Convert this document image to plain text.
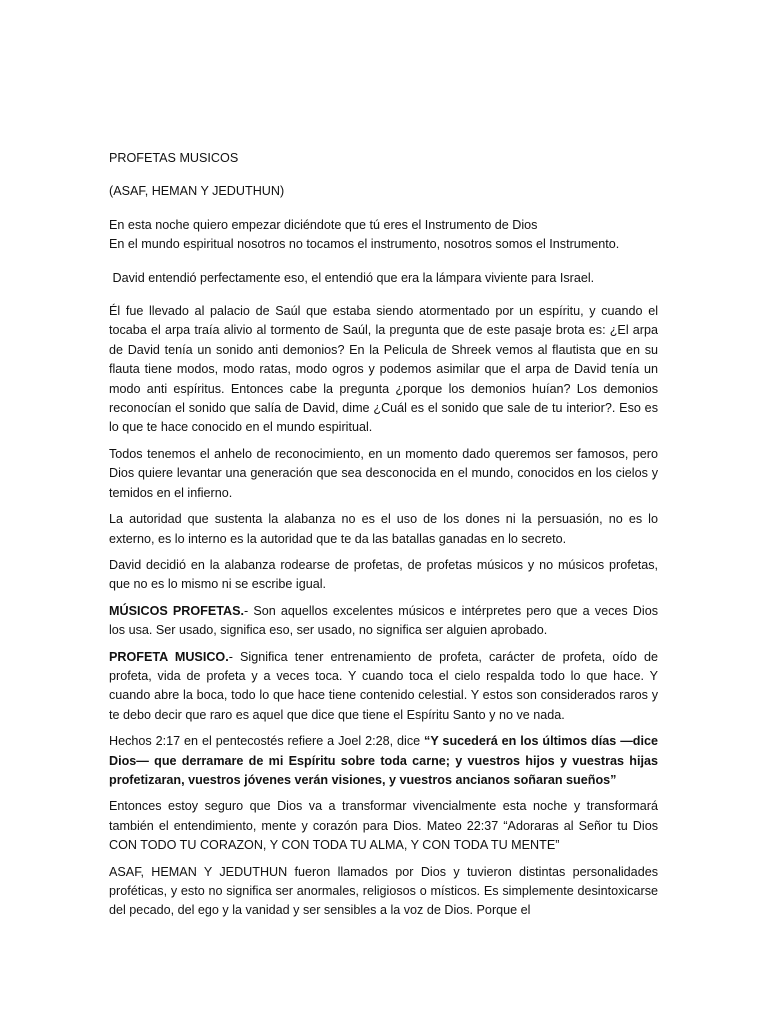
PROFETAS MUSICOS

(ASAF, HEMAN Y JEDUTHUN)

En esta noche quiero empezar diciéndote que tú eres el Instrumento de Dios
En el mundo espiritual nosotros no tocamos el instrumento, nosotros somos el Instrumento.

David entendió perfectamente eso, el entendió que era la lámpara viviente para Israel.

Él fue llevado al palacio de Saúl que estaba siendo atormentado por un espíritu, y cuando el tocaba el arpa traía alivio al tormento de Saúl, la pregunta que de este pasaje brota es: ¿El arpa de David tenía un sonido anti demonios? En la Pelicula de Shreek vemos al flautista que en su flauta tiene modos, modo ratas, modo ogros y podemos asimilar que el arpa de David tenía un modo anti espíritus. Entonces cabe la pregunta ¿porque los demonios huían? Los demonios reconocían el sonido que salía de David, dime ¿Cuál es el sonido que sale de tu interior?. Eso es lo que te hace conocido en el mundo espiritual.

Todos tenemos el anhelo de reconocimiento, en un momento dado queremos ser famosos, pero Dios quiere levantar una generación que sea desconocida en el mundo, conocidos en los cielos y temidos en el infierno.

La autoridad que sustenta la alabanza no es el uso de los dones ni la persuasión, no es lo externo, es lo interno es la autoridad que te da las batallas ganadas en lo secreto.

David decidió en la alabanza rodearse de profetas, de profetas músicos y no músicos profetas, que no es lo mismo ni se escribe igual.

MÚSICOS PROFETAS.- Son aquellos excelentes músicos e intérpretes pero que a veces Dios los usa. Ser usado, significa eso, ser usado, no significa ser alguien aprobado.

PROFETA MUSICO.- Significa tener entrenamiento de profeta, carácter de profeta, oído de profeta, vida de profeta y a veces toca. Y cuando toca el cielo respalda todo lo que hace. Y cuando abre la boca, todo lo que hace tiene contenido celestial. Y estos son considerados raros y te debo decir que raro es aquel que dice que tiene el Espíritu Santo y no ve nada.

Hechos 2:17 en el pentecostés refiere a Joel 2:28, dice “Y sucederá en los últimos días —dice Dios— que derramare de mi Espíritu sobre toda carne; y vuestros hijos y vuestras hijas profetizaran, vuestros jóvenes verán visiones, y vuestros ancianos soñaran sueños”

Entonces estoy seguro que Dios va a transformar vivencialmente esta noche y transformará también el entendimiento, mente y corazón para Dios. Mateo 22:37 “Adoraras al Señor tu Dios CON TODO TU CORAZON, Y CON TODA TU ALMA, Y CON TODA TU MENTE”

ASAF, HEMAN Y JEDUTHUN fueron llamados por Dios y tuvieron distintas personalidades proféticas, y esto no significa ser anormales, religiosos o místicos. Es simplemente desintoxicarse del pecado, del ego y la vanidad y ser sensibles a la voz de Dios. Porque el
